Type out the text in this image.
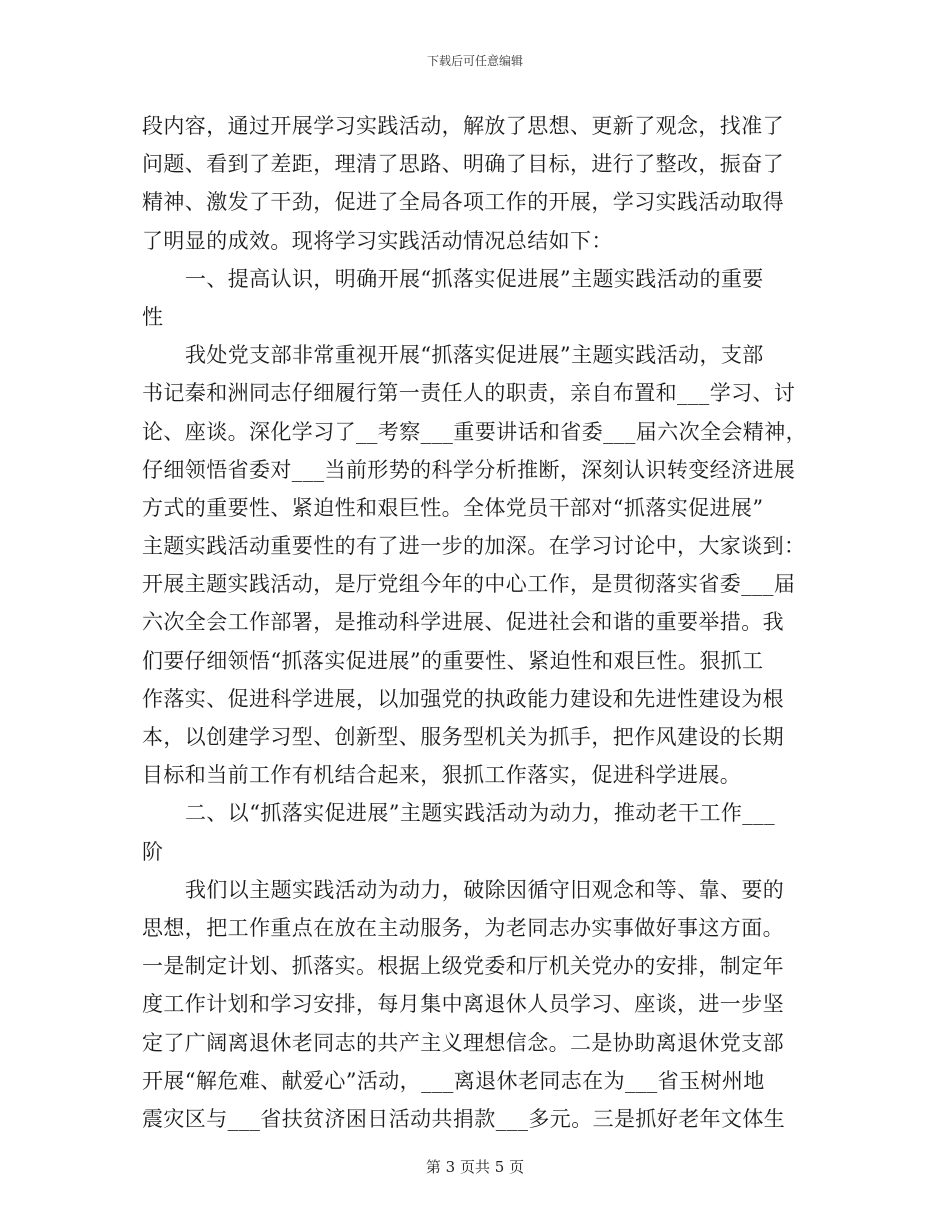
下载后可任意编辑
段内容，通过开展学习实践活动，解放了思想、更新了观念，找准了
问题、看到了差距，理清了思路、明确了目标，进行了整改，振奋了
精神、激发了干劲，促进了全局各项工作的开展，学习实践活动取得
了明显的成效。现将学习实践活动情况总结如下：
一、提高认识，明确开展“抓落实促进展”主题实践活动的重要
性
我处党支部非常重视开展“抓落实促进展”主题实践活动，支部
书记秦和洲同志仔细履行第一责任人的职责，亲自布置和___学习、讨
论、座谈。深化学习了__考察___重要讲话和省委___届六次全会精神，
仔细领悟省委对___当前形势的科学分析推断，深刻认识转变经济进展
方式的重要性、紧迫性和艰巨性。全体党员干部对“抓落实促进展”
主题实践活动重要性的有了进一步的加深。在学习讨论中，大家谈到：
开展主题实践活动，是厅党组今年的中心工作，是贯彻落实省委___届
六次全会工作部署，是推动科学进展、促进社会和谐的重要举措。我
们要仔细领悟“抓落实促进展”的重要性、紧迫性和艰巨性。狠抓工
作落实、促进科学进展，以加强党的执政能力建设和先进性建设为根
本，以创建学习型、创新型、服务型机关为抓手，把作风建设的长期
目标和当前工作有机结合起来，狠抓工作落实，促进科学进展。
二、以“抓落实促进展”主题实践活动为动力，推动老干工作___
阶
我们以主题实践活动为动力，破除因循守旧观念和等、靠、要的
思想，把工作重点在放在主动服务，为老同志办实事做好事这方面。
一是制定计划、抓落实。根据上级党委和厅机关党办的安排，制定年
度工作计划和学习安排，每月集中离退休人员学习、座谈，进一步坚
定了广阔离退休老同志的共产主义理想信念。二是协助离退休党支部
开展“解危难、献爱心”活动，___离退休老同志在为___省玉树州地
震灾区与___省扶贫济困日活动共捐款___多元。三是抓好老年文体生
第 3 页共 5 页
